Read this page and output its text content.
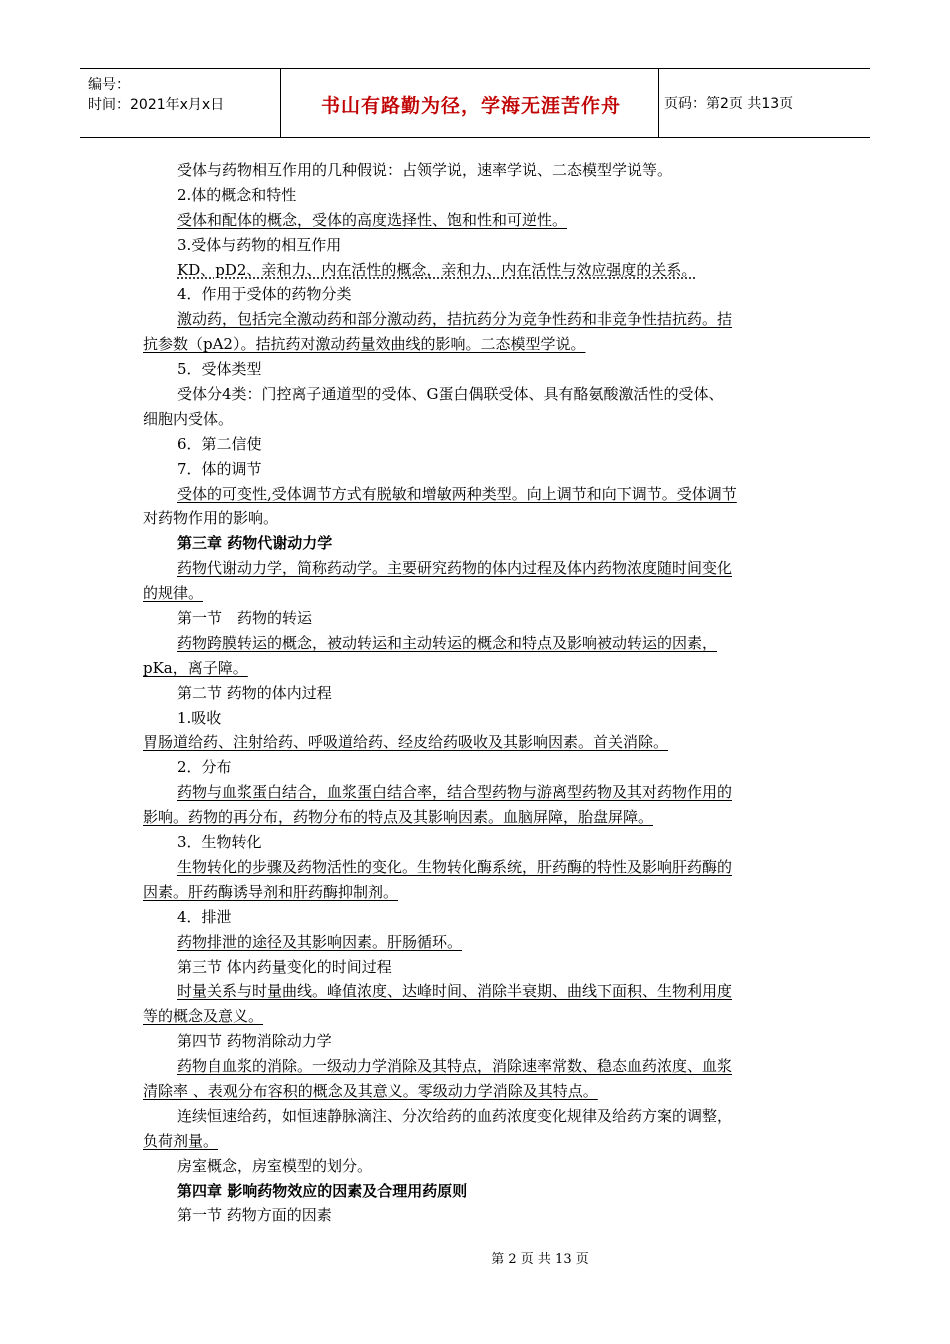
编号：
时间：2021年x月x日	书山有路勤为径，学海无涯苦作舟	页码：第2页 共13页
受体与药物相互作用的几种假说：占领学说，速率学说、二态模型学说等。
2.体的概念和特性
受体和配体的概念，受体的高度选择性、饱和性和可逆性。
3.受体与药物的相互作用
KD、pD2、亲和力、内在活性的概念，亲和力、内在活性与效应强度的关系。
4．作用于受体的药物分类
激动药，包括完全激动药和部分激动药，拮抗药分为竞争性药和非竞争性拮抗药。拮
抗参数（pA2）。拮抗药对激动药量效曲线的影响。二态模型学说。
5．受体类型
受体分4类：门控离子通道型的受体、G蛋白偶联受体、具有酪氨酸激活性的受体、
细胞内受体。
6．第二信使
7．体的调节
受体的可变性,受体调节方式有脱敏和增敏两种类型。向上调节和向下调节。受体调节
对药物作用的影响。
第三章 药物代谢动力学
药物代谢动力学，简称药动学。主要研究药物的体内过程及体内药物浓度随时间变化
的规律。
第一节　药物的转运
药物跨膜转运的概念，被动转运和主动转运的概念和特点及影响被动转运的因素，
pKa，离子障。
第二节 药物的体内过程
1.吸收
胃肠道给药、注射给药、呼吸道给药、经皮给药吸收及其影响因素。首关消除。
2．分布
药物与血浆蛋白结合，血浆蛋白结合率，结合型药物与游离型药物及其对药物作用的
影响。药物的再分布，药物分布的特点及其影响因素。血脑屏障，胎盘屏障。
3．生物转化
生物转化的步骤及药物活性的变化。生物转化酶系统，肝药酶的特性及影响肝药酶的
因素。肝药酶诱导剂和肝药酶抑制剂。
4．排泄
药物排泄的途径及其影响因素。肝肠循环。
第三节 体内药量变化的时间过程
时量关系与时量曲线。峰值浓度、达峰时间、消除半衰期、曲线下面积、生物利用度
等的概念及意义。
第四节 药物消除动力学
药物自血浆的消除。一级动力学消除及其特点，消除速率常数、稳态血药浓度、血浆
清除率 、表观分布容积的概念及其意义。零级动力学消除及其特点。
连续恒速给药，如恒速静脉滴注、分次给药的血药浓度变化规律及给药方案的调整，
负荷剂量。
房室概念，房室模型的划分。
第四章 影响药物效应的因素及合理用药原则
第一节 药物方面的因素
第 2 页 共 13 页
